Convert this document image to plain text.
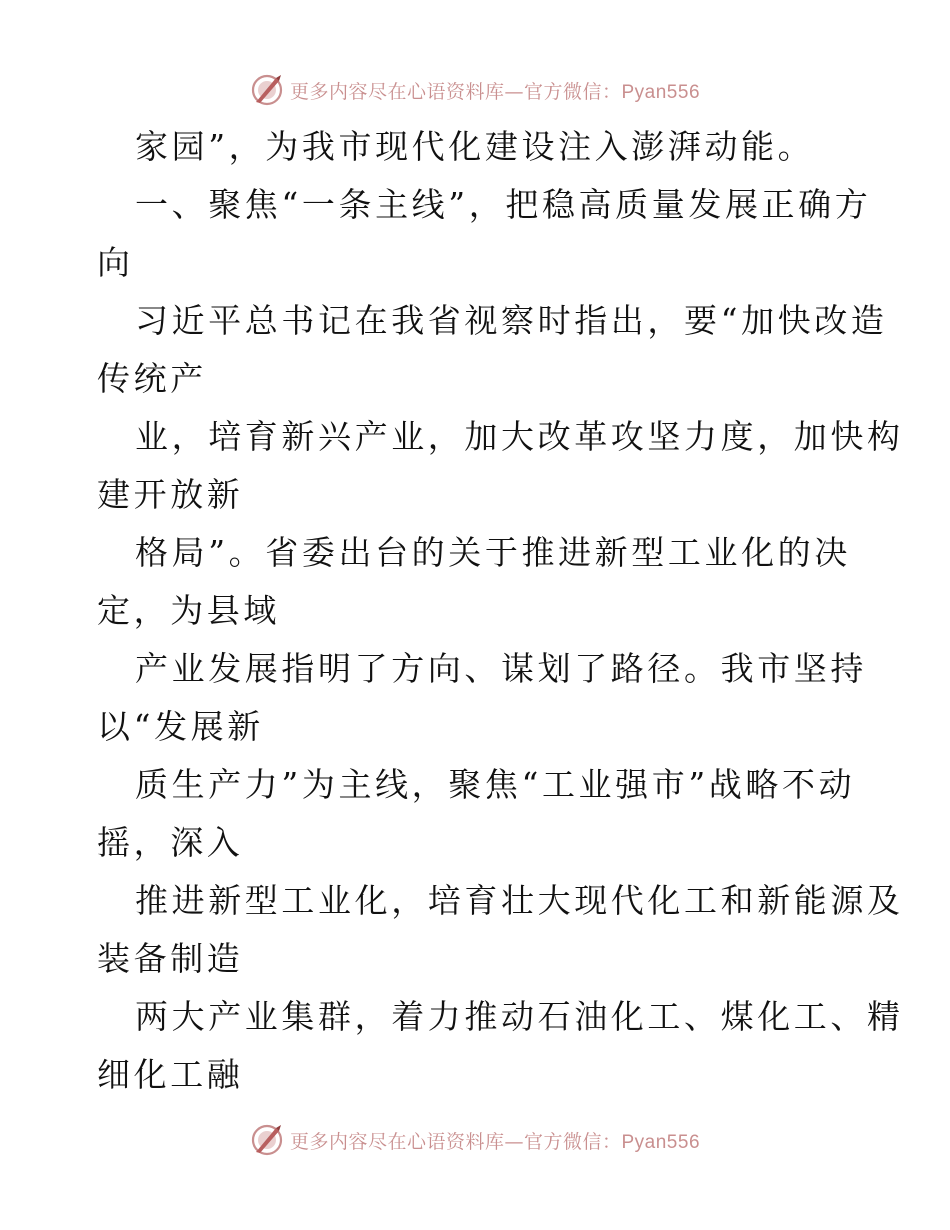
更多内容尽在心语资料库—官方微信：Pyan556
家园”，为我市现代化建设注入澎湃动能。
一、聚焦“一条主线”，把稳高质量发展正确方
向
习近平总书记在我省视察时指出，要“加快改造
传统产
业，培育新兴产业，加大改革攻坚力度，加快构
建开放新
格局”。省委出台的关于推进新型工业化的决
定，为县域
产业发展指明了方向、谋划了路径。我市坚持
以“发展新
质生产力”为主线，聚焦“工业强市”战略不动
摇，深入
推进新型工业化，培育壮大现代化工和新能源及
装备制造
两大产业集群，着力推动石油化工、煤化工、精
细化工融
更多内容尽在心语资料库—官方微信：Pyan556
